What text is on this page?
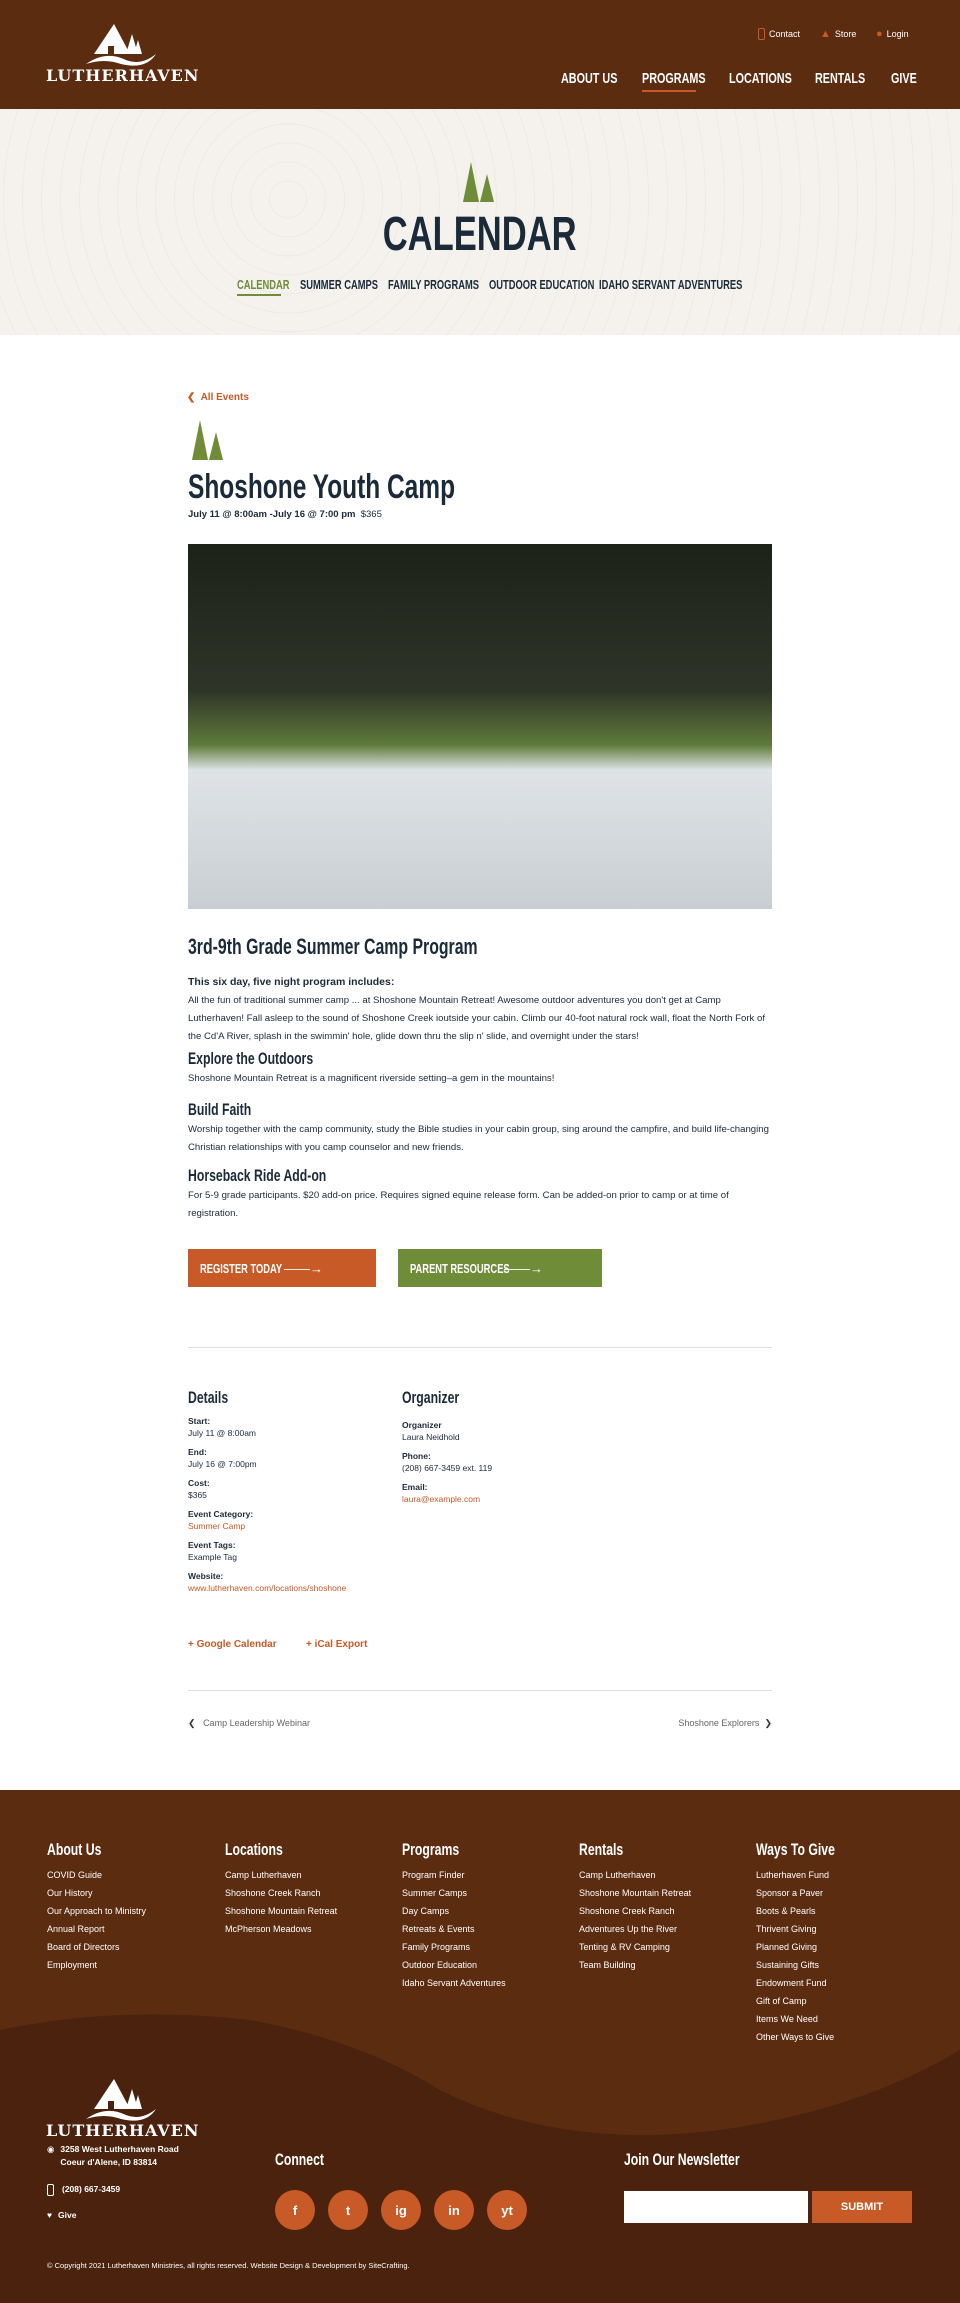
LUTHERHAVEN
Contact ▲ Store ● Login
ABOUT US	PROGRAMS	LOCATIONS	RENTALS	GIVE
CALENDAR
CALENDAR SUMMER CAMPS FAMILY PROGRAMS OUTDOOR EDUCATION IDAHO SERVANT ADVENTURES
❮ All Events
Shoshone Youth Camp
July 11 @ 8:00am -July 16 @ 7:00 pm $365
3rd-9th Grade Summer Camp Program
This six day, five night program includes:
All the fun of traditional summer camp ... at Shoshone Mountain Retreat! Awesome outdoor adventures you don't get at Camp Lutherhaven! Fall asleep to the sound of Shoshone Creek ioutside your cabin. Climb our 40-foot natural rock wall, float the North Fork of the Cd'A River, splash in the swimmin' hole, glide down thru the slip n' slide, and overnight under the stars!
Explore the Outdoors
Shoshone Mountain Retreat is a magnificent riverside setting–a gem in the mountains!
Build Faith
Worship together with the camp community, study the Bible studies in your cabin group, sing around the campfire, and build life-changing Christian relationships with you camp counselor and new friends.
Horseback Ride Add-on
For 5-9 grade participants. $20 add-on price. Requires signed equine release form. Can be added-on prior to camp or at time of registration.
REGISTER TODAY ——→	PARENT RESOURCES
——→
Details
Start:
July 11 @ 8:00am
End:
July 16 @ 7:00pm
Cost:
$365
Event Category:
Summer Camp
Event Tags:
Example Tag
Website:
www.lutherhaven.com/locations/shoshone
Organizer
Organizer
Laura Neidhold
Phone:
(208) 667-3459 ext. 119
Email:
laura@example.com
+ Google Calendar	+ iCal Export
❮ Camp Leadership Webinar	Shoshone Explorers ❯
About Us
COVID Guide
Our History
Our Approach to Ministry
Annual Report
Board of Directors
Employment
Locations
Camp Lutherhaven
Shoshone Creek Ranch
Shoshone Mountain Retreat
McPherson Meadows
Programs
Program Finder
Summer Camps
Day Camps
Retreats & Events
Family Programs
Outdoor Education
Idaho Servant Adventures
Rentals
Camp Lutherhaven
Shoshone Mountain Retreat
Shoshone Creek Ranch
Adventures Up the River
Tenting & RV Camping
Team Building
Ways To Give
Lutherhaven Fund
Sponsor a Paver
Boots & Pearls
Thrivent Giving
Planned Giving
Sustaining Gifts
Endowment Fund
Gift of Camp
Items We Need
Other Ways to Give
LUTHERHAVEN
◉ 3258 West Lutherhaven Road
Coeur d'Alene, ID 83814
(208) 667-3459
♥ Give
Connect
f	t	ig	in	yt
Join Our Newsletter
SUBMIT
© Copyright 2021 Lutherhaven Ministries, all rights reserved. Website Design & Development by SiteCrafting.
